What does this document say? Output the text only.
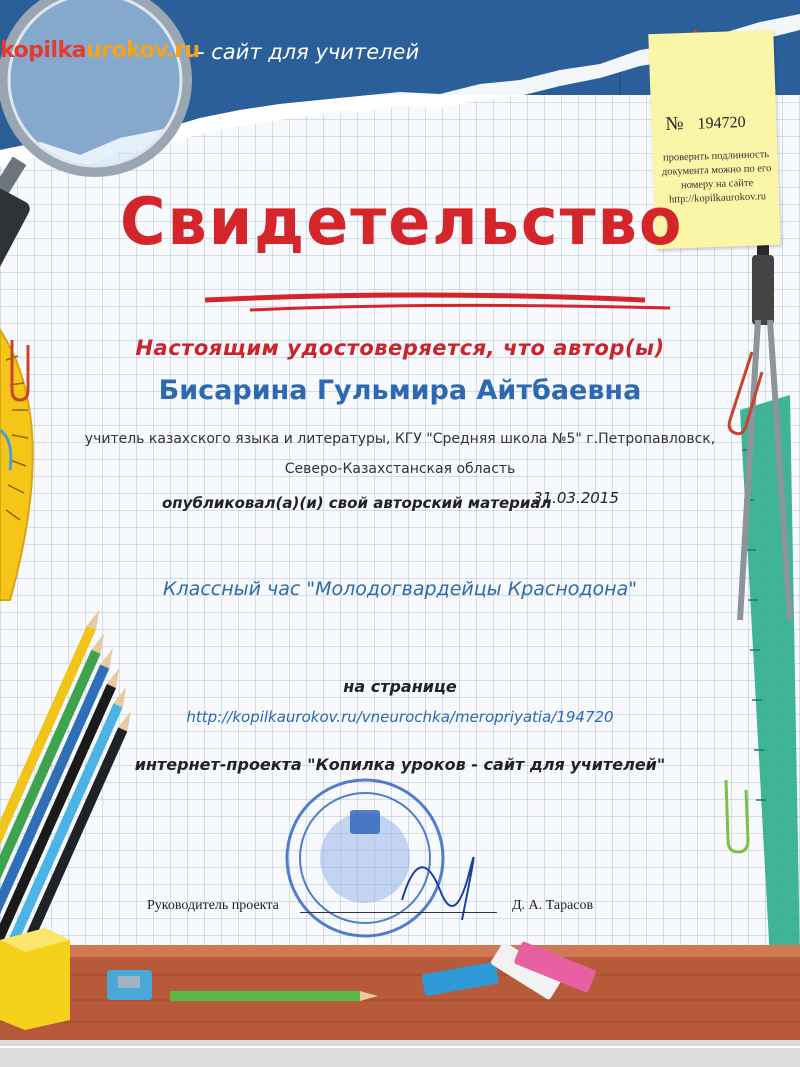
kopilkaurokov.ru
- сайт для учителей
№ 194720
проверить подлинность документа можно по его номеру на сайте http://kopilkaurokov.ru
Свидетельство
Настоящим удостоверяется, что автор(ы)
Бисарина Гульмира Айтбаевна
учитель казахского языка и литературы, КГУ "Средняя школа №5" г.Петропавловск,
Северо-Казахстанская область
опубликовал(а)(и) свой авторский материал
31.03.2015
Классный час "Молодогвардейцы Краснодона"
на странице
http://kopilkaurokov.ru/vneurochka/meropriyatia/194720
интернет-проекта "Копилка уроков - сайт для учителей"
Руководитель проекта	Д. А. Тарасов
